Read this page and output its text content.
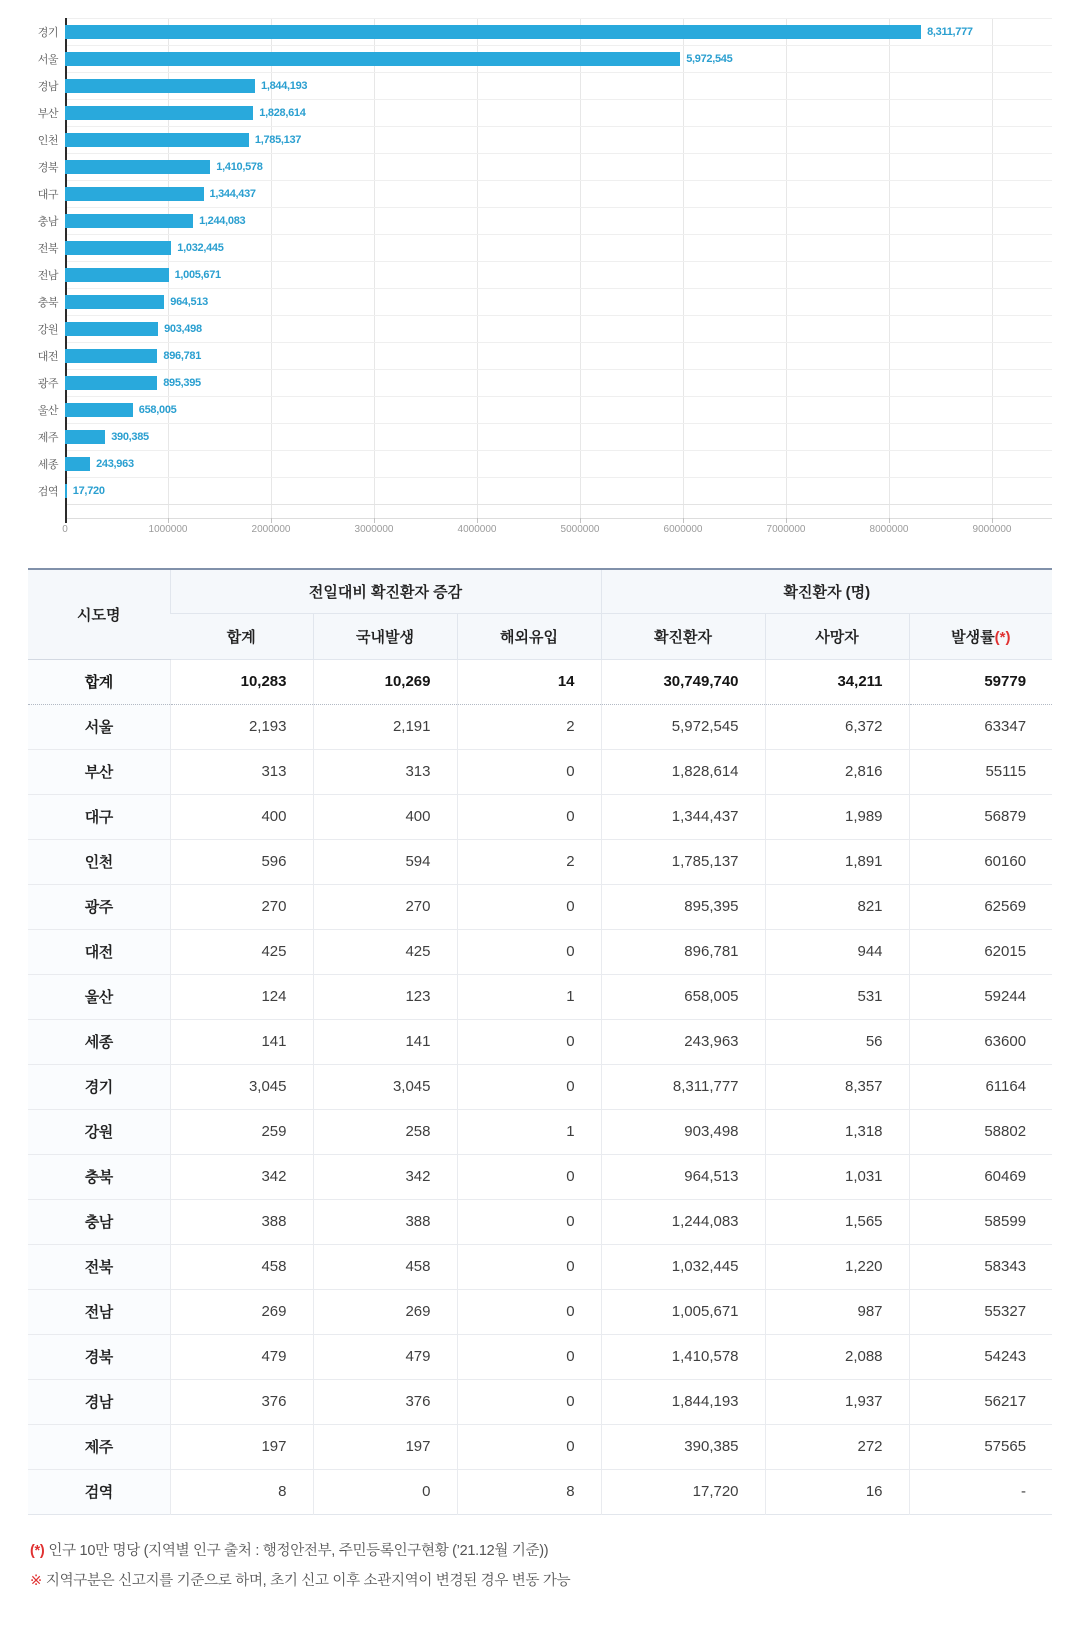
경기	8,311,777
서울	5,972,545
경남	1,844,193
부산	1,828,614
인천	1,785,137
경북	1,410,578
대구	1,344,437
충남	1,244,083
전북	1,032,445
전남	1,005,671
충북	964,513
강원	903,498
대전	896,781
광주	895,395
울산	658,005
제주	390,385
세종	243,963
검역 17,720
0	1000000	2000000	3000000	4000000	5000000	6000000	7000000	8000000	9000000
시도명	전일대비 확진환자 증감			확진환자 (명)		
	합계	국내발생	해외유입	확진환자	사망자	발생률(*)
합계	10,283	10,269	14	30,749,740	34,211	59779
서울	2,193	2,191	2	5,972,545	6,372	63347
부산	313	313	0	1,828,614	2,816	55115
대구	400	400	0	1,344,437	1,989	56879
인천	596	594	2	1,785,137	1,891	60160
광주	270	270	0	895,395	821	62569
대전	425	425	0	896,781	944	62015
울산	124	123	1	658,005	531	59244
세종	141	141	0	243,963	56	63600
경기	3,045	3,045	0	8,311,777	8,357	61164
강원	259	258	1	903,498	1,318	58802
충북	342	342	0	964,513	1,031	60469
충남	388	388	0	1,244,083	1,565	58599
전북	458	458	0	1,032,445	1,220	58343
전남	269	269	0	1,005,671	987	55327
경북	479	479	0	1,410,578	2,088	54243
경남	376	376	0	1,844,193	1,937	56217
제주	197	197	0	390,385	272	57565
검역	8	0	8	17,720	16	-
(*) 인구 10만 명당 (지역별 인구 출처 : 행정안전부, 주민등록인구현황 (’21.12월 기준))
※ 지역구분은 신고지를 기준으로 하며, 초기 신고 이후 소관지역이 변경된 경우 변동 가능
